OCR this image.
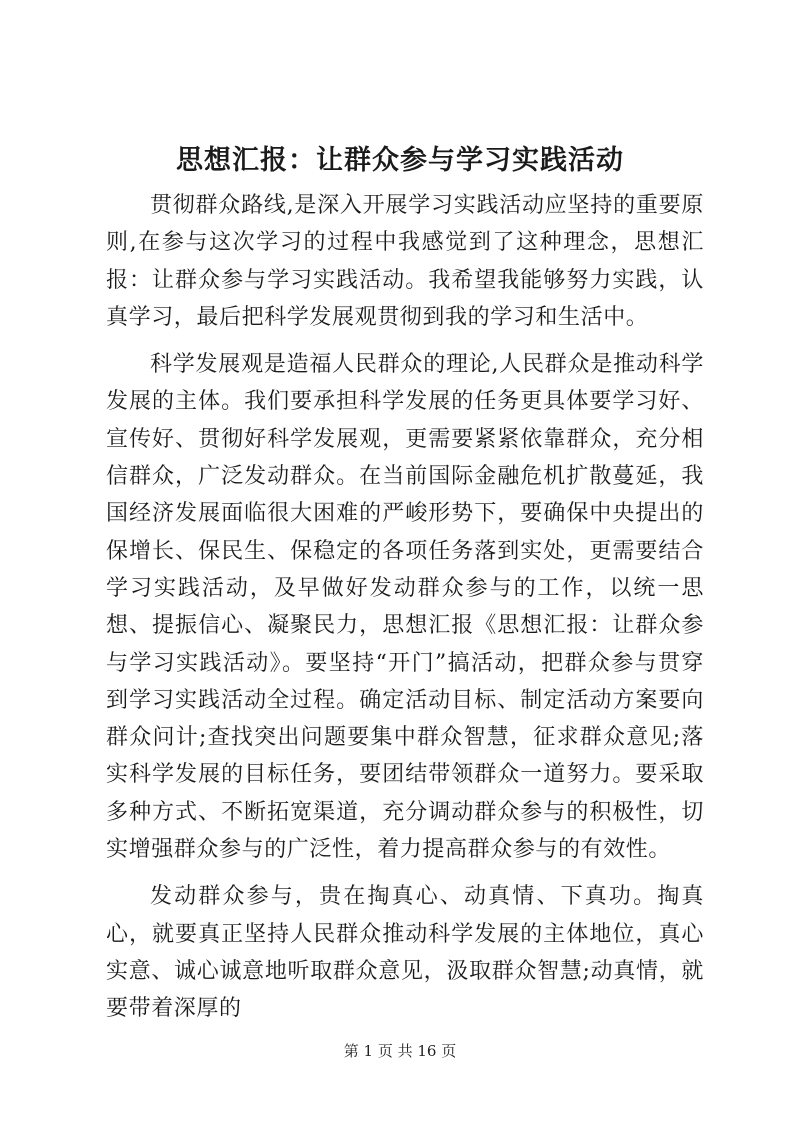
思想汇报：让群众参与学习实践活动

贯彻群众路线,是深入开展学习实践活动应坚持的重要原则,在参与这次学习的过程中我感觉到了这种理念，思想汇报：让群众参与学习实践活动。我希望我能够努力实践，认真学习，最后把科学发展观贯彻到我的学习和生活中。

科学发展观是造福人民群众的理论,人民群众是推动科学发展的主体。我们要承担科学发展的任务更具体要学习好、宣传好、贯彻好科学发展观，更需要紧紧依靠群众，充分相信群众，广泛发动群众。在当前国际金融危机扩散蔓延，我国经济发展面临很大困难的严峻形势下，要确保中央提出的保增长、保民生、保稳定的各项任务落到实处，更需要结合学习实践活动，及早做好发动群众参与的工作，以统一思想、提振信心、凝聚民力，思想汇报《思想汇报：让群众参与学习实践活动》。要坚持“开门”搞活动，把群众参与贯穿到学习实践活动全过程。确定活动目标、制定活动方案要向群众问计;查找突出问题要集中群众智慧，征求群众意见;落实科学发展的目标任务，要团结带领群众一道努力。要采取多种方式、不断拓宽渠道，充分调动群众参与的积极性，切实增强群众参与的广泛性，着力提高群众参与的有效性。

发动群众参与，贵在掏真心、动真情、下真功。掏真心，就要真正坚持人民群众推动科学发展的主体地位，真心实意、诚心诚意地听取群众意见，汲取群众智慧;动真情，就要带着深厚的

第 1 页 共 16 页
